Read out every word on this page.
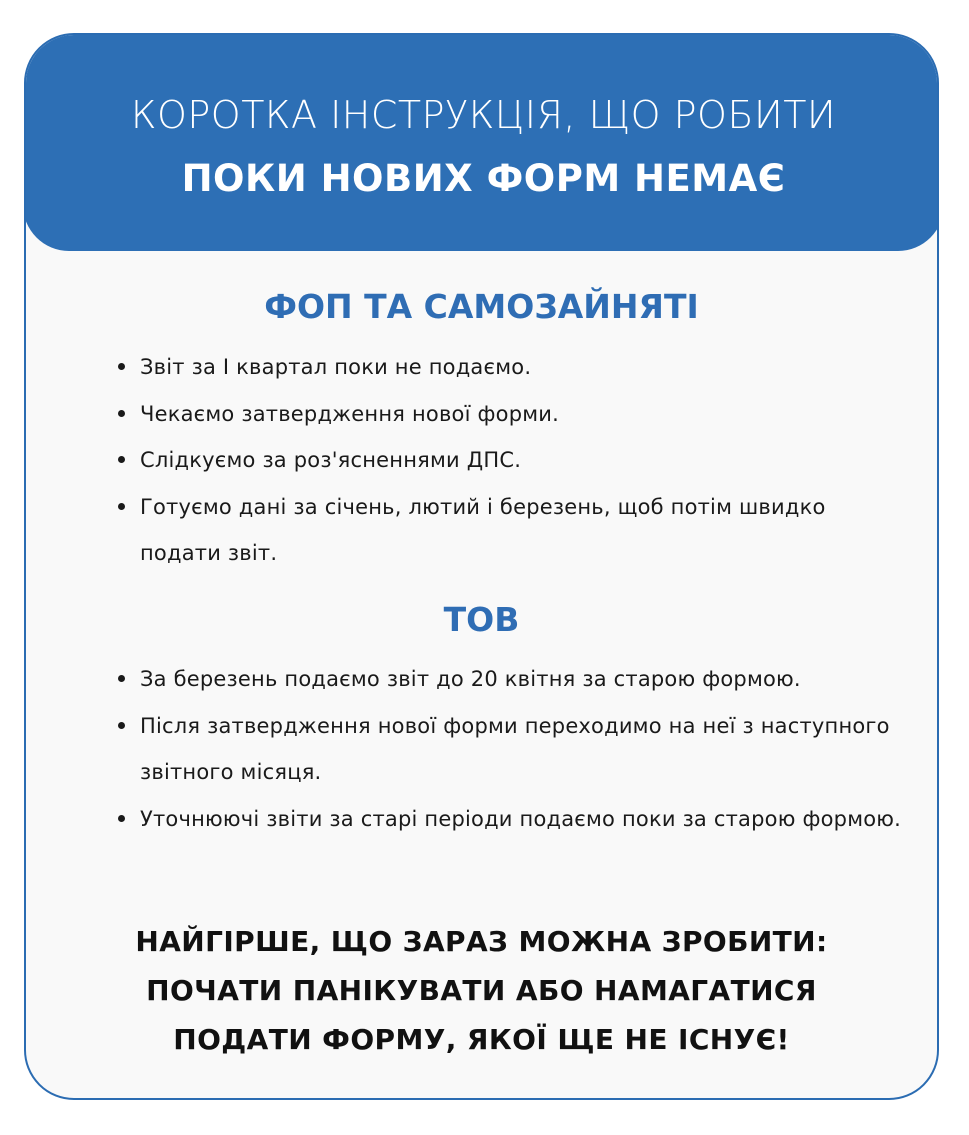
КОРОТКА ІНСТРУКЦІЯ, ЩО РОБИТИ
ПОКИ НОВИХ ФОРМ НЕМАЄ
ФОП ТА САМОЗАЙНЯТІ
Звіт за I квартал поки не подаємо.
Чекаємо затвердження нової форми.
Слідкуємо за роз'ясненнями ДПС.
Готуємо дані за січень, лютий і березень, щоб потім швидко подати звіт.
ТОВ
За березень подаємо звіт до 20 квітня за старою формою.
Після затвердження нової форми переходимо на неї з наступного звітного місяця.
Уточнюючі звіти за старі періоди подаємо поки за старою формою.
НАЙГІРШЕ, ЩО ЗАРАЗ МОЖНА ЗРОБИТИ:
ПОЧАТИ ПАНІКУВАТИ АБО НАМАГАТИСЯ
ПОДАТИ ФОРМУ, ЯКОЇ ЩЕ НЕ ІСНУЄ!
